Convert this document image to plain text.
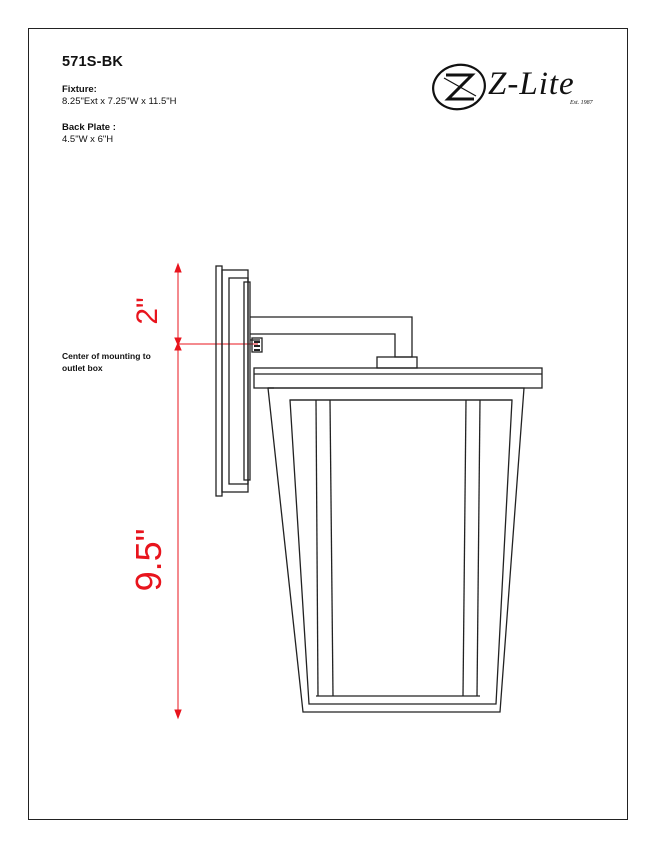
571S-BK
Fixture:
8.25"Ext x 7.25"W x 11.5"H
Back Plate :
4.5"W x 6"H
Center of mounting to outlet box
Z-Lite
Est. 1987
2"
9.5"
